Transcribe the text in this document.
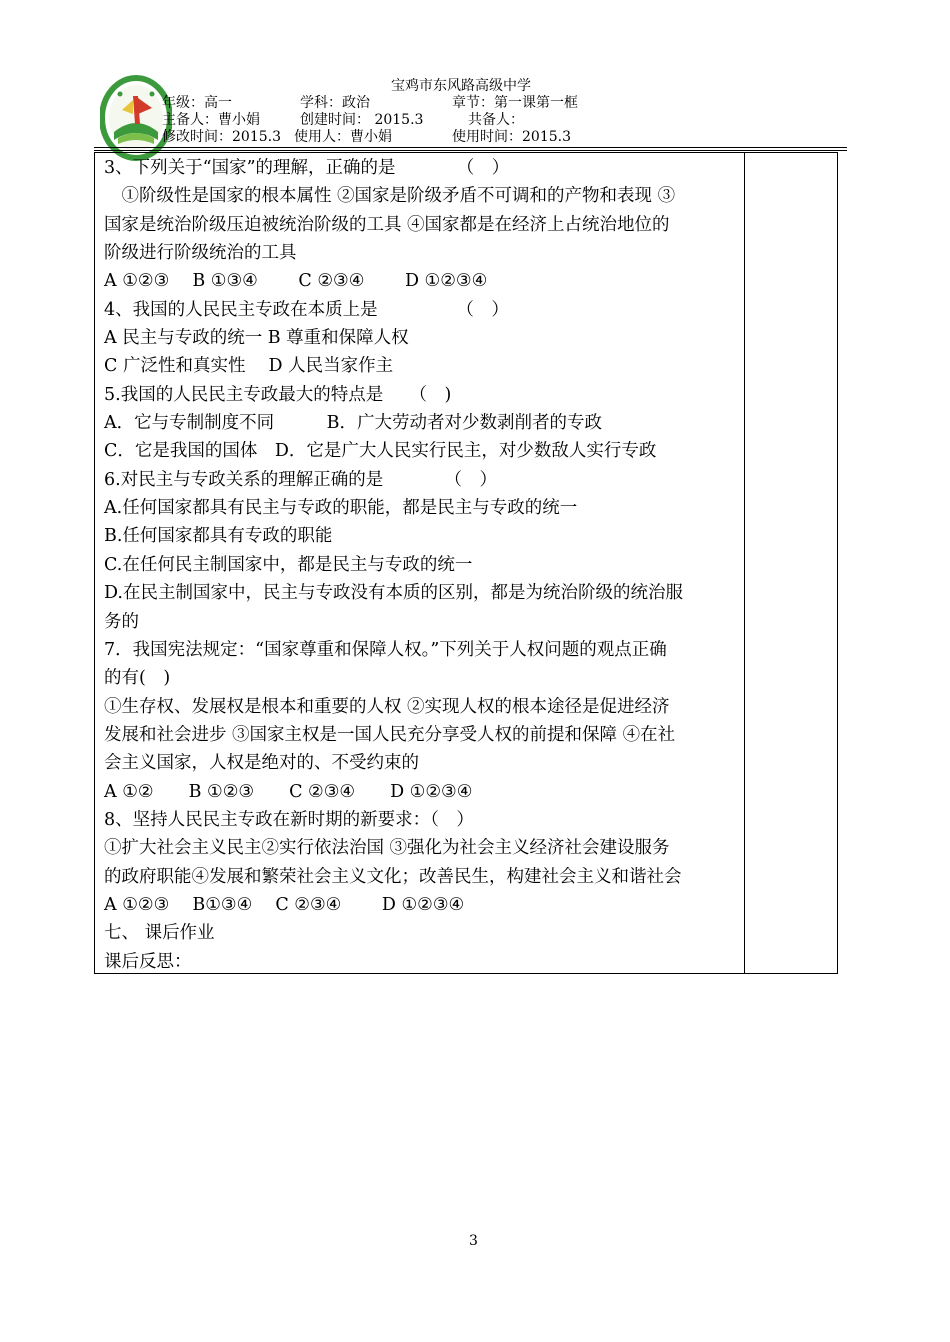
宝鸡市东风路高级中学
年级：高一	学科：政治	章节：第一课第一框
主备人：曹小娟	创建时间： 2015.3	共备人：
修改时间：2015.3 使用人：曹小娟	使用时间：2015.3

3、下列关于“国家”的理解，正确的是　　　　（　）

　①阶级性是国家的根本属性 ②国家是阶级矛盾不可调和的产物和表现 ③

国家是统治阶级压迫被统治阶级的工具 ④国家都是在经济上占统治地位的

阶级进行阶级统治的工具

A ①②③　 B ①③④　　 C ②③④　　 D ①②③④

4、我国的人民民主专政在本质上是　　　　　（　）

A 民主与专政的统一 B 尊重和保障人权

C 广泛性和真实性　 D 人民当家作主

5.我国的人民民主专政最大的特点是　　（　)

A．它与专制制度不同　　　B．广大劳动者对少数剥削者的专政

C．它是我国的国体　D．它是广大人民实行民主，对少数敌人实行专政

6.对民主与专政关系的理解正确的是　　　　（　）

A.任何国家都具有民主与专政的职能，都是民主与专政的统一

B.任何国家都具有专政的职能

C.在任何民主制国家中，都是民主与专政的统一

D.在民主制国家中，民主与专政没有本质的区别，都是为统治阶级的统治服

务的

7．我国宪法规定：“国家尊重和保障人权。”下列关于人权问题的观点正确

的有(　)

①生存权、发展权是根本和重要的人权 ②实现人权的根本途径是促进经济

发展和社会进步 ③国家主权是一国人民充分享受人权的前提和保障 ④在社

会主义国家，人权是绝对的、不受约束的

A ①②　　B ①②③　　C ②③④　　D ①②③④

8、坚持人民民主专政在新时期的新要求：（　）

①扩大社会主义民主②实行依法治国 ③强化为社会主义经济社会建设服务

的政府职能④发展和繁荣社会主义文化；改善民生，构建社会主义和谐社会

A ①②③　 B①③④　 C ②③④　　 D ①②③④

七、 课后作业

课后反思：

3
